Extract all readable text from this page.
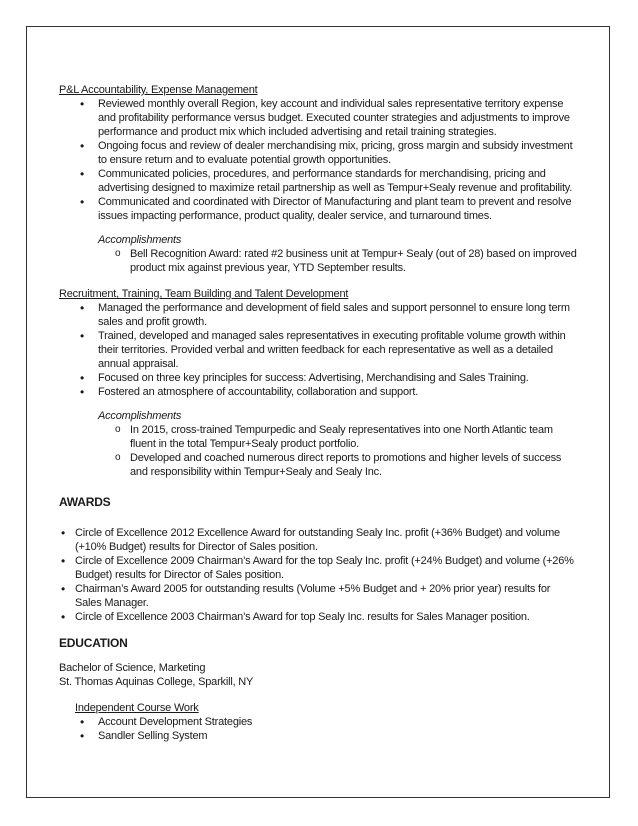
P&L Accountability, Expense Management
• Reviewed monthly overall Region, key account and individual sales representative territory expense and profitability performance versus budget. Executed counter strategies and adjustments to improve performance and product mix which included advertising and retail training strategies.
• Ongoing focus and review of dealer merchandising mix, pricing, gross margin and subsidy investment to ensure return and to evaluate potential growth opportunities.
• Communicated policies, procedures, and performance standards for merchandising, pricing and advertising designed to maximize retail partnership as well as Tempur+Sealy revenue and profitability.
• Communicated and coordinated with Director of Manufacturing and plant team to prevent and resolve issues impacting performance, product quality, dealer service, and turnaround times.
Accomplishments
o Bell Recognition Award: rated #2 business unit at Tempur+ Sealy (out of 28) based on improved product mix against previous year, YTD September results.
Recruitment, Training, Team Building and Talent Development
• Managed the performance and development of field sales and support personnel to ensure long term sales and profit growth.
• Trained, developed and managed sales representatives in executing profitable volume growth within their territories. Provided verbal and written feedback for each representative as well as a detailed annual appraisal.
• Focused on three key principles for success: Advertising, Merchandising and Sales Training.
• Fostered an atmosphere of accountability, collaboration and support.
Accomplishments
o In 2015, cross-trained Tempurpedic and Sealy representatives into one North Atlantic team fluent in the total Tempur+Sealy product portfolio.
o Developed and coached numerous direct reports to promotions and higher levels of success and responsibility within Tempur+Sealy and Sealy Inc.
AWARDS
• Circle of Excellence 2012 Excellence Award for outstanding Sealy Inc. profit (+36% Budget) and volume (+10% Budget) results for Director of Sales position.
• Circle of Excellence 2009 Chairman’s Award for the top Sealy Inc. profit (+24% Budget) and volume (+26% Budget) results for Director of Sales position.
• Chairman’s Award 2005 for outstanding results (Volume +5% Budget and + 20% prior year) results for Sales Manager.
• Circle of Excellence 2003 Chairman’s Award for top Sealy Inc. results for Sales Manager position.
EDUCATION
Bachelor of Science, Marketing
St. Thomas Aquinas College, Sparkill, NY
Independent Course Work
• Account Development Strategies
• Sandler Selling System
